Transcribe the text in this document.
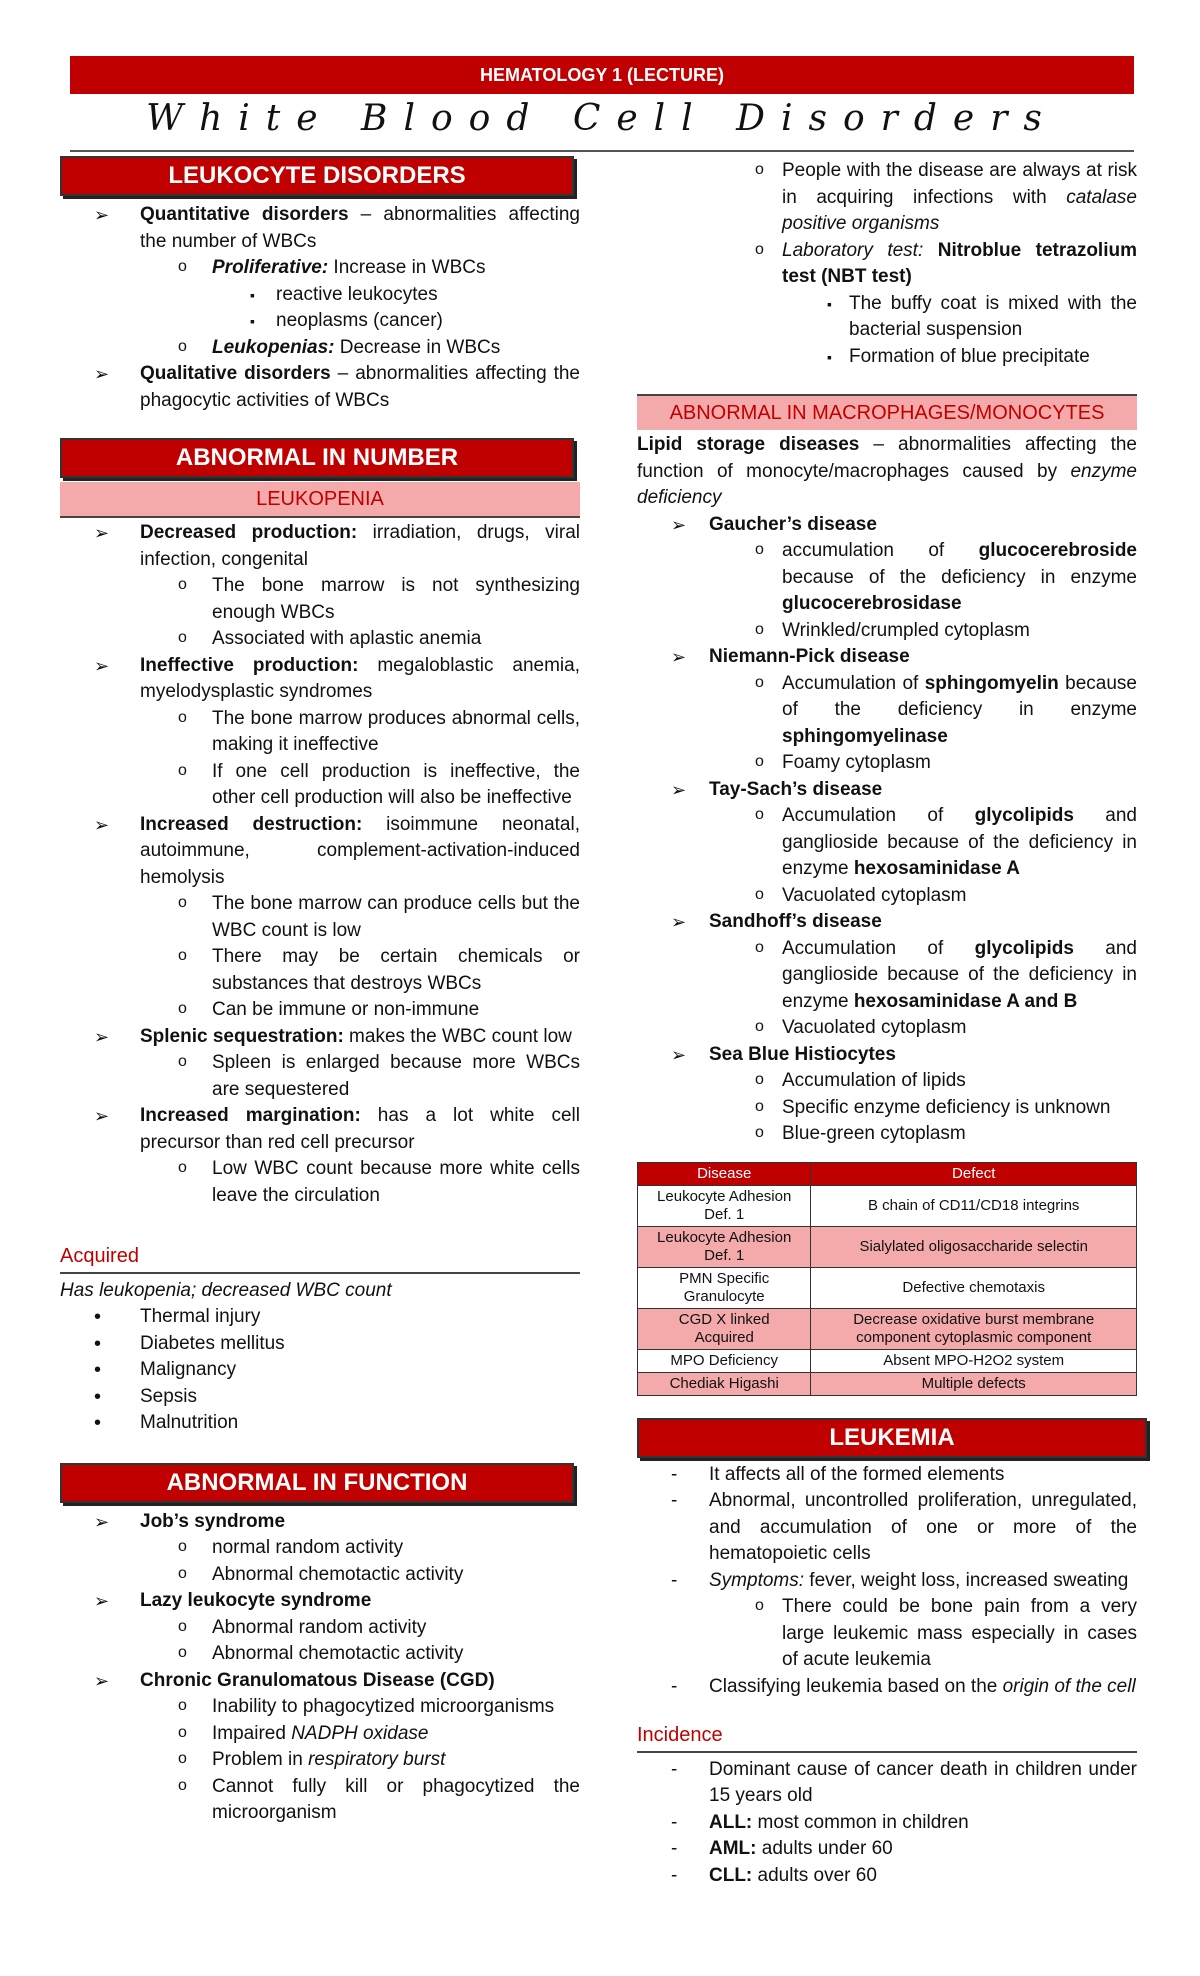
HEMATOLOGY 1 (LECTURE)
White Blood Cell Disorders
LEUKOCYTE DISORDERS
➢ Quantitative disorders – abnormalities affecting the number of WBCs
o Proliferative: Increase in WBCs
▪ reactive leukocytes
▪ neoplasms (cancer)
o Leukopenias: Decrease in WBCs
➢ Qualitative disorders – abnormalities affecting the phagocytic activities of WBCs
ABNORMAL IN NUMBER
LEUKOPENIA
➢ Decreased production: irradiation, drugs, viral infection, congenital
o The bone marrow is not synthesizing enough WBCs
o Associated with aplastic anemia
➢ Ineffective production: megaloblastic anemia, myelodysplastic syndromes
o The bone marrow produces abnormal cells, making it ineffective
o If one cell production is ineffective, the other cell production will also be ineffective
➢ Increased destruction: isoimmune neonatal, autoimmune, complement-activation-induced hemolysis
o The bone marrow can produce cells but the WBC count is low
o There may be certain chemicals or substances that destroys WBCs
o Can be immune or non-immune
➢ Splenic sequestration: makes the WBC count low
o Spleen is enlarged because more WBCs are sequestered
➢ Increased margination: has a lot white cell precursor than red cell precursor
o Low WBC count because more white cells leave the circulation
Acquired
Has leukopenia; decreased WBC count
• Thermal injury
• Diabetes mellitus
• Malignancy
• Sepsis
• Malnutrition
ABNORMAL IN FUNCTION
➢ Job’s syndrome
o normal random activity
o Abnormal chemotactic activity
➢ Lazy leukocyte syndrome
o Abnormal random activity
o Abnormal chemotactic activity
➢ Chronic Granulomatous Disease (CGD)
o Inability to phagocytized microorganisms
o Impaired NADPH oxidase
o Problem in respiratory burst
o Cannot fully kill or phagocytized the microorganism
o People with the disease are always at risk in acquiring infections with catalase positive organisms
o Laboratory test: Nitroblue tetrazolium test (NBT test)
▪ The buffy coat is mixed with the bacterial suspension
▪ Formation of blue precipitate
ABNORMAL IN MACROPHAGES/MONOCYTES
Lipid storage diseases – abnormalities affecting the function of monocyte/macrophages caused by enzyme deficiency
➢ Gaucher’s disease
o accumulation of glucocerebroside because of the deficiency in enzyme glucocerebrosidase
o Wrinkled/crumpled cytoplasm
➢ Niemann-Pick disease
o Accumulation of sphingomyelin because of the deficiency in enzyme sphingomyelinase
o Foamy cytoplasm
➢ Tay-Sach’s disease
o Accumulation of glycolipids and ganglioside because of the deficiency in enzyme hexosaminidase A
o Vacuolated cytoplasm
➢ Sandhoff’s disease
o Accumulation of glycolipids and ganglioside because of the deficiency in enzyme hexosaminidase A and B
o Vacuolated cytoplasm
➢ Sea Blue Histiocytes
o Accumulation of lipids
o Specific enzyme deficiency is unknown
o Blue-green cytoplasm
Disease	Defect
Leukocyte Adhesion Def. 1	B chain of CD11/CD18 integrins
Leukocyte Adhesion Def. 1	Sialylated oligosaccharide selectin
PMN Specific Granulocyte	Defective chemotaxis
CGD X linked Acquired	Decrease oxidative burst membrane component cytoplasmic component
MPO Deficiency	Absent MPO-H2O2 system
Chediak Higashi	Multiple defects
LEUKEMIA
- It affects all of the formed elements
- Abnormal, uncontrolled proliferation, unregulated, and accumulation of one or more of the hematopoietic cells
- Symptoms: fever, weight loss, increased sweating
o There could be bone pain from a very large leukemic mass especially in cases of acute leukemia
- Classifying leukemia based on the origin of the cell
Incidence
- Dominant cause of cancer death in children under 15 years old
- ALL: most common in children
- AML: adults under 60
- CLL: adults over 60
